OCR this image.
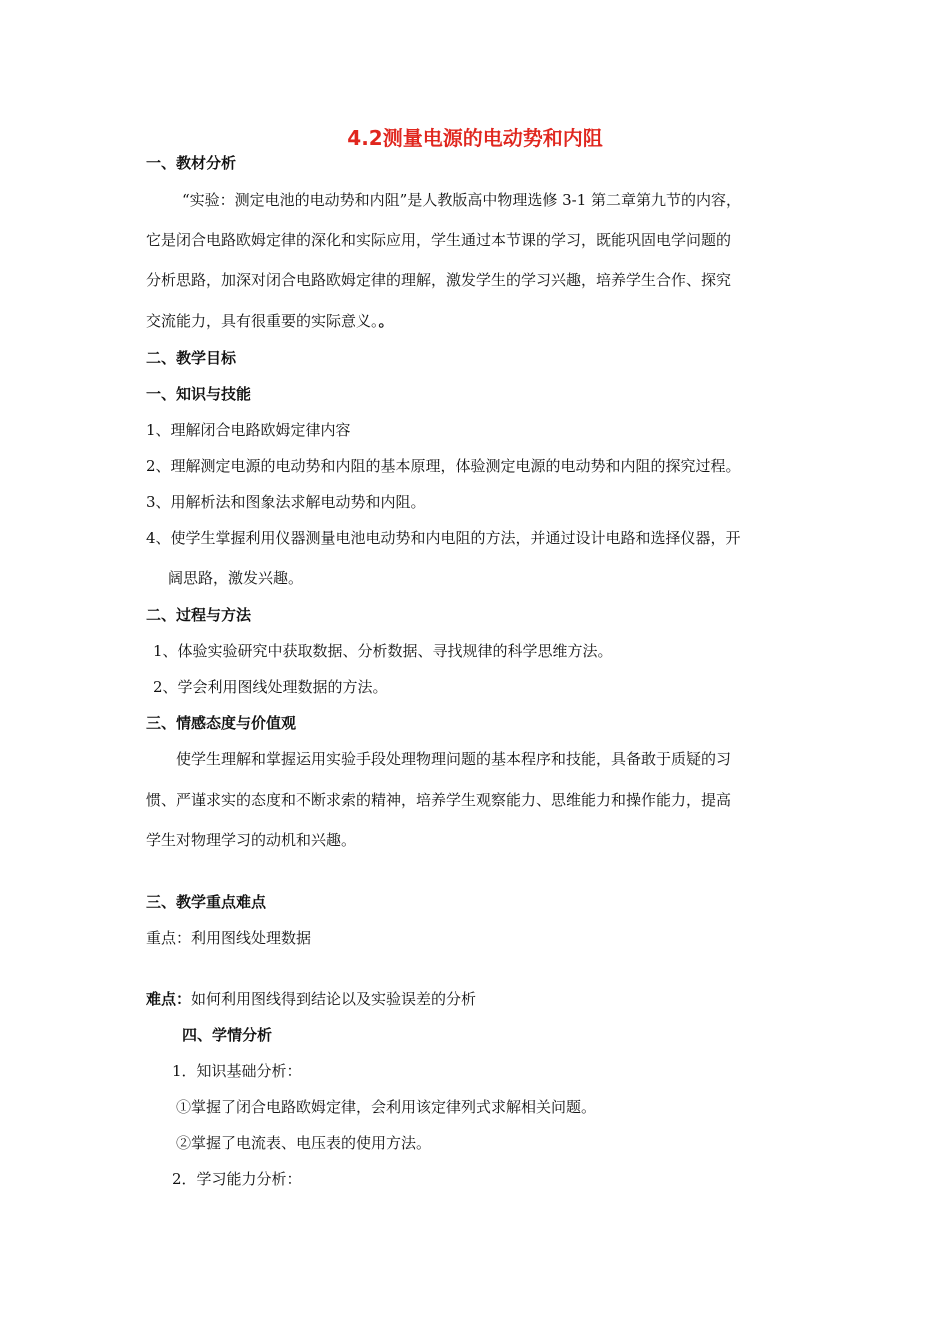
4.2测量电源的电动势和内阻
一、教材分析
“实验：测定电池的电动势和内阻”是人教版高中物理选修 3-1 第二章第九节的内容，
它是闭合电路欧姆定律的深化和实际应用，学生通过本节课的学习，既能巩固电学问题的
分析思路，加深对闭合电路欧姆定律的理解，激发学生的学习兴趣，培养学生合作、探究
交流能力，具有很重要的实际意义。。
二、教学目标
一、知识与技能
1、理解闭合电路欧姆定律内容
2、理解测定电源的电动势和内阻的基本原理，体验测定电源的电动势和内阻的探究过程。
3、用解析法和图象法求解电动势和内阻。
4、使学生掌握利用仪器测量电池电动势和内电阻的方法，并通过设计电路和选择仪器，开
阔思路，激发兴趣。
二、过程与方法
1、体验实验研究中获取数据、分析数据、寻找规律的科学思维方法。
2、学会利用图线处理数据的方法。
三、情感态度与价值观
使学生理解和掌握运用实验手段处理物理问题的基本程序和技能，具备敢于质疑的习
惯、严谨求实的态度和不断求索的精神，培养学生观察能力、思维能力和操作能力，提高
学生对物理学习的动机和兴趣。
三、教学重点难点
重点：利用图线处理数据
难点：如何利用图线得到结论以及实验误差的分析
四、学情分析
1．知识基础分析：
①掌握了闭合电路欧姆定律，会利用该定律列式求解相关问题。
②掌握了电流表、电压表的使用方法。
2．学习能力分析：
